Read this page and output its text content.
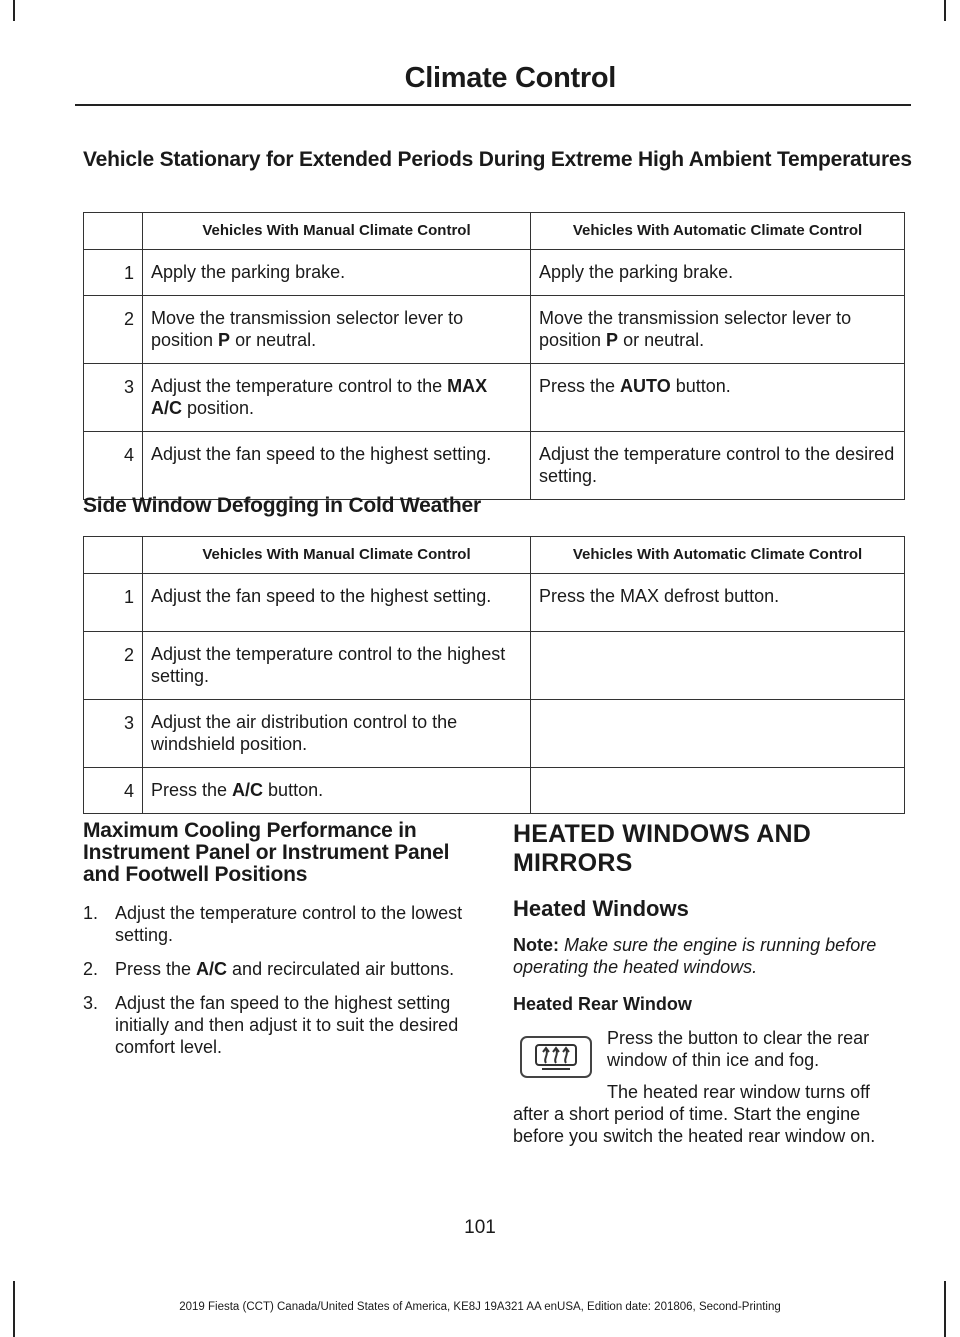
Climate Control
Vehicle Stationary for Extended Periods During Extreme High Ambient Temperatures
	Vehicles With Manual Climate Control	Vehicles With Automatic Climate Control
1	Apply the parking brake.	Apply the parking brake.
2	Move the transmission selector lever to position P or neutral.	Move the transmission selector lever to position P or neutral.
3	Adjust the temperature control to the MAX A/C position.	Press the AUTO button.
4	Adjust the fan speed to the highest setting.	Adjust the temperature control to the desired setting.
Side Window Defogging in Cold Weather
	Vehicles With Manual Climate Control	Vehicles With Automatic Climate Control
1	Adjust the fan speed to the highest setting.	Press the MAX defrost button.
2	Adjust the temperature control to the highest setting.	
3	Adjust the air distribution control to the windshield position.	
4	Press the A/C button.	
Maximum Cooling Performance in Instrument Panel or Instrument Panel and Footwell Positions
1. Adjust the temperature control to the lowest setting.
2. Press the A/C and recirculated air buttons.
3. Adjust the fan speed to the highest setting initially and then adjust it to suit the desired comfort level.
HEATED WINDOWS AND
MIRRORS
Heated Windows
Note: Make sure the engine is running before operating the heated windows.
Heated Rear Window
Press the button to clear the rear window of thin ice and fog.
The heated rear window turns off after a short period of time. Start the engine before you switch the heated rear window on.
101
2019 Fiesta (CCT) Canada/United States of America, KE8J 19A321 AA enUSA, Edition date: 201806, Second-Printing
